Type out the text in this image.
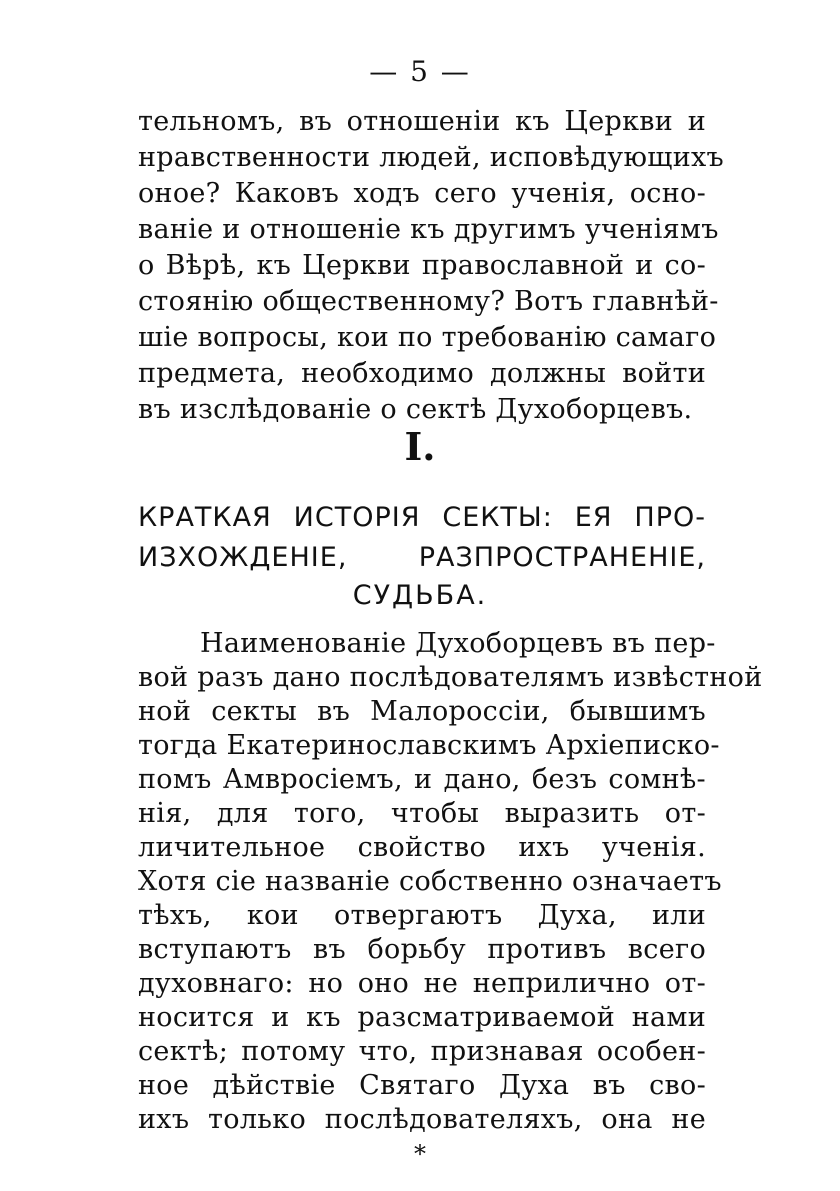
— 5 —
тельномъ, въ отношеніи къ Церкви и
нравственности людей, исповѣдующихъ
оное? Каковъ ходъ сего ученія, осно-
ваніе и отношеніе къ другимъ ученіямъ
о Вѣрѣ, къ Церкви православной и со-
стоянію общественному? Вотъ главнѣй-
шіе вопросы, кои по требованію самаго
предмета, необходимо должны войти
въ изслѣдованіе о сектѣ Духоборцевъ.
I.
КРАТКАЯ ИСТОРІЯ СЕКТЫ: ЕЯ ПРО-
ИЗХОЖДЕНІЕ, РАЗПРОСТРАНЕНІЕ,
СУДЬБА.
Наименованіе Духоборцевъ въ пер-
вой разъ дано послѣдователямъ извѣстной
ной секты въ Малороссіи, бывшимъ
тогда Екатеринославскимъ Архіеписко-
помъ Амвросіемъ, и дано, безъ сомнѣ-
нія, для того, чтобы выразить от-
личительное свойство ихъ ученія.
Хотя сіе названіе собственно означаетъ
тѣхъ, кои отвергаютъ Духа, или
вступаютъ въ борьбу противъ всего
духовнаго: но оно не неприлично от-
носится и къ разсматриваемой нами
сектѣ; потому что, признавая особен-
ное дѣйствіе Святаго Духа въ сво-
ихъ только послѣдователяхъ, она не
*
